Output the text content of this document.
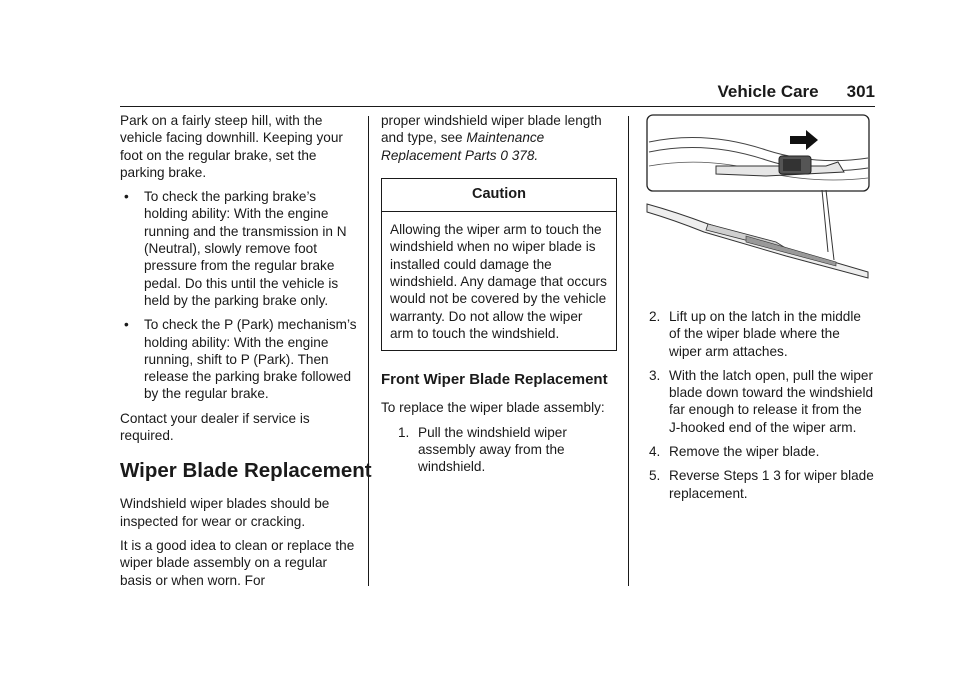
Vehicle Care 301

Park on a fairly steep hill, with the vehicle facing downhill. Keeping your foot on the regular brake, set the parking brake.

• To check the parking brake’s holding ability: With the engine running and the transmission in N (Neutral), slowly remove foot pressure from the regular brake pedal. Do this until the vehicle is held by the parking brake only.
• To check the P (Park) mechanism’s holding ability: With the engine running, shift to P (Park). Then release the parking brake followed by the regular brake.

Contact your dealer if service is required.

Wiper Blade Replacement

Windshield wiper blades should be inspected for wear or cracking.

It is a good idea to clean or replace the wiper blade assembly on a regular basis or when worn. For

proper windshield wiper blade length and type, see Maintenance Replacement Parts 0 378.

Caution
Allowing the wiper arm to touch the windshield when no wiper blade is installed could damage the windshield. Any damage that occurs would not be covered by the vehicle warranty. Do not allow the wiper arm to touch the windshield.
Front Wiper Blade Replacement

To replace the wiper blade assembly:

1. Pull the windshield wiper assembly away from the windshield.
2. Lift up on the latch in the middle of the wiper blade where the wiper arm attaches.
3. With the latch open, pull the wiper blade down toward the windshield far enough to release it from the J-hooked end of the wiper arm.
4. Remove the wiper blade.
5. Reverse Steps 1 3 for wiper blade replacement.
